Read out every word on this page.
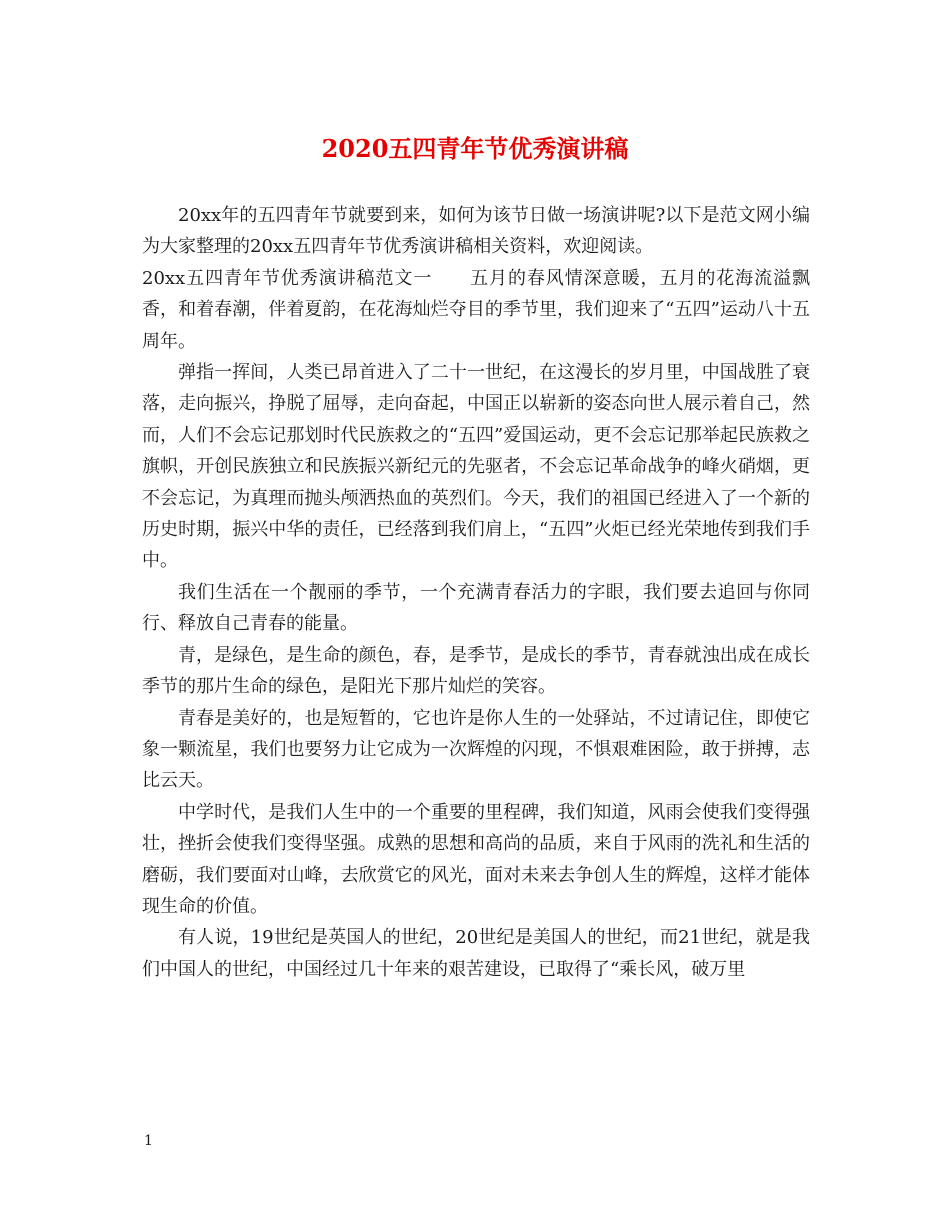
2020五四青年节优秀演讲稿

20xx年的五四青年节就要到来，如何为该节日做一场演讲呢?以下是范文网小编为大家整理的20xx五四青年节优秀演讲稿相关资料，欢迎阅读。

20xx五四青年节优秀演讲稿范文一　　五月的春风情深意暖，五月的花海流溢飘香，和着春潮，伴着夏韵，在花海灿烂夺目的季节里，我们迎来了“五四”运动八十五周年。

弹指一挥间，人类已昂首进入了二十一世纪，在这漫长的岁月里，中国战胜了衰落，走向振兴，挣脱了屈辱，走向奋起，中国正以崭新的姿态向世人展示着自己，然而，人们不会忘记那划时代民族救之的“五四”爱国运动，更不会忘记那举起民族救之旗帜，开创民族独立和民族振兴新纪元的先驱者，不会忘记革命战争的峰火硝烟，更不会忘记，为真理而抛头颅洒热血的英烈们。今天，我们的祖国已经进入了一个新的历史时期，振兴中华的责任，已经落到我们肩上，“五四”火炬已经光荣地传到我们手中。

我们生活在一个靓丽的季节，一个充满青春活力的字眼，我们要去追回与你同行、释放自己青春的能量。

青，是绿色，是生命的颜色，春，是季节，是成长的季节，青春就浊出成在成长季节的那片生命的绿色，是阳光下那片灿烂的笑容。

青春是美好的，也是短暂的，它也许是你人生的一处驿站，不过请记住，即使它象一颗流星，我们也要努力让它成为一次辉煌的闪现，不惧艰难困险，敢于拼搏，志比云天。

中学时代，是我们人生中的一个重要的里程碑，我们知道，风雨会使我们变得强壮，挫折会使我们变得坚强。成熟的思想和高尚的品质，来自于风雨的洗礼和生活的磨砺，我们要面对山峰，去欣赏它的风光，面对未来去争创人生的辉煌，这样才能体现生命的价值。

有人说，19世纪是英国人的世纪，20世纪是美国人的世纪，而21世纪，就是我们中国人的世纪，中国经过几十年来的艰苦建设，已取得了“乘长风，破万里

1
